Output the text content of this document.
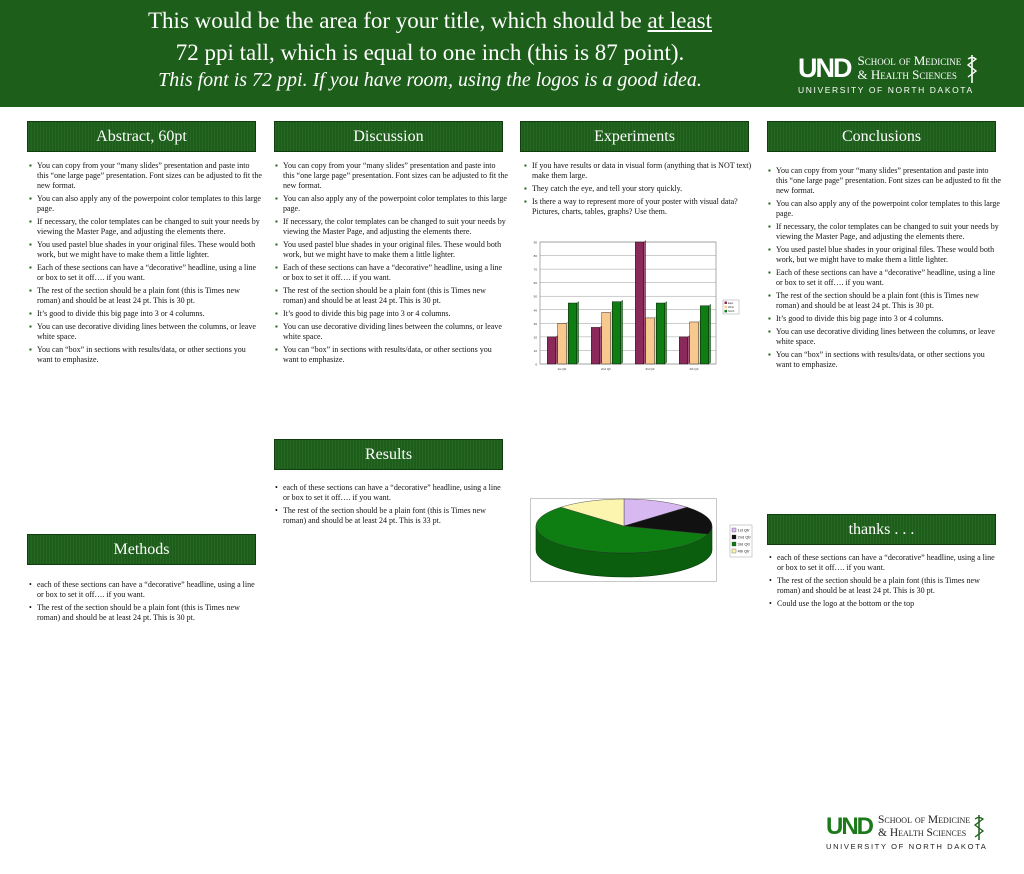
This would be the area for your title, which should be at least
72 ppi tall, which is equal to one inch (this is 87 point).
This font is 72 ppi. If you have room, using the logos is a good idea.	UND School of Medicine
& Health Sciences
UNIVERSITY OF NORTH DAKOTA
Abstract, 60pt	Discussion	Experiments	Conclusions
Results
Methods
thanks . . .
▪ You can copy from your “many slides” presentation and paste into this “one large page” presentation. Font sizes can be adjusted to fit the new format.
▪ You can also apply any of the powerpoint color templates to this large page.
▪ If necessary, the color templates can be changed to suit your needs by viewing the Master Page, and adjusting the elements there.
▪ You used pastel blue shades in your original files. These would both work, but we might have to make them a little lighter.
▪ Each of these sections can have a “decorative” headline, using a line or box to set it off…. if you want.
▪ The rest of the section should be a plain font (this is Times new roman) and should be at least 24 pt. This is 30 pt.
▪ It’s good to divide this big page into 3 or 4 columns.
▪ You can use decorative dividing lines between the columns, or leave white space.
▪ You can “box” in sections with results/data, or other sections you want to emphasize.
▪ You can copy from your “many slides” presentation and paste into this “one large page” presentation. Font sizes can be adjusted to fit the new format.
▪ You can also apply any of the powerpoint color templates to this large page.
▪ If necessary, the color templates can be changed to suit your needs by viewing the Master Page, and adjusting the elements there.
▪ You used pastel blue shades in your original files. These would both work, but we might have to make them a little lighter.
▪ Each of these sections can have a “decorative” headline, using a line or box to set it off…. if you want.
▪ The rest of the section should be a plain font (this is Times new roman) and should be at least 24 pt. This is 30 pt.
▪ It’s good to divide this big page into 3 or 4 columns.
▪ You can use decorative dividing lines between the columns, or leave white space.
▪ You can “box” in sections with results/data, or other sections you want to emphasize.
▪ If you have results or data in visual form (anything that is NOT text) make them large.
▪ They catch the eye, and tell your story quickly.
▪ Is there a way to represent more of your poster with visual data? Pictures, charts, tables, graphs? Use them.
▪ You can copy from your “many slides” presentation and paste into this “one large page” presentation. Font sizes can be adjusted to fit the new format.
▪ You can also apply any of the powerpoint color templates to this large page.
▪ If necessary, the color templates can be changed to suit your needs by viewing the Master Page, and adjusting the elements there.
▪ You used pastel blue shades in your original files. These would both work, but we might have to make them a little lighter.
▪ Each of these sections can have a “decorative” headline, using a line or box to set it off…. if you want.
▪ The rest of the section should be a plain font (this is Times new roman) and should be at least 24 pt. This is 30 pt.
▪ It’s good to divide this big page into 3 or 4 columns.
▪ You can use decorative dividing lines between the columns, or leave white space.
▪ You can “box” in sections with results/data, or other sections you want to emphasize.
• each of these sections can have a “decorative” headline, using a line or box to set it off…. if you want.
• The rest of the section should be a plain font (this is Times new roman) and should be at least 24 pt. This is 33 pt.
• each of these sections can have a “decorative” headline, using a line or box to set it off…. if you want.
• The rest of the section should be a plain font (this is Times new roman) and should be at least 24 pt. This is 30 pt.
• each of these sections can have a “decorative” headline, using a line or box to set it off…. if you want.
• The rest of the section should be a plain font (this is Times new roman) and should be at least 24 pt. This is 30 pt.
• Could use the logo at the bottom or the top
0
10
20
30
40
50
60
70
80
90
1st Qtr	2nd Qtr	3rd Qtr	4th Qtr
East
West
North
1st Qtr
2nd Qtr
3rd Qtr
4th Qtr
UND School of Medicine
& Health Sciences
UNIVERSITY OF NORTH DAKOTA
